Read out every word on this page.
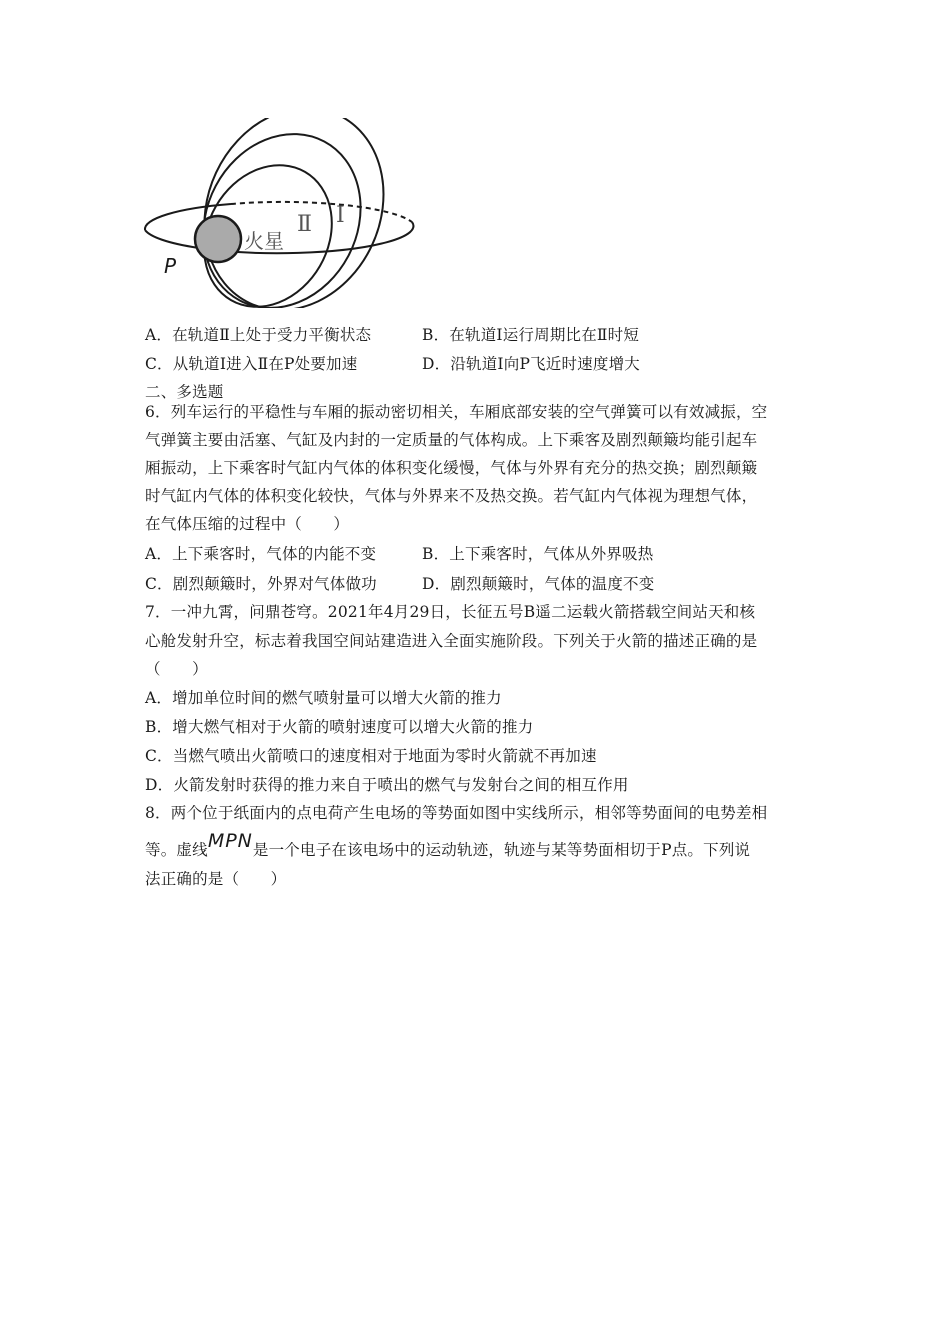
火星
Ⅱ Ⅰ
P
A．在轨道Ⅱ上处于受力平衡状态	B．在轨道Ⅰ运行周期比在Ⅱ时短
C．从轨道Ⅰ进入Ⅱ在P处要加速	D．沿轨道Ⅰ向P飞近时速度增大
二、多选题
6．列车运行的平稳性与车厢的振动密切相关，车厢底部安装的空气弹簧可以有效减振，空
气弹簧主要由活塞、气缸及内封的一定质量的气体构成。上下乘客及剧烈颠簸均能引起车
厢振动，上下乘客时气缸内气体的体积变化缓慢，气体与外界有充分的热交换；剧烈颠簸
时气缸内气体的体积变化较快，气体与外界来不及热交换。若气缸内气体视为理想气体，
在气体压缩的过程中（　　）
A．上下乘客时，气体的内能不变	B．上下乘客时，气体从外界吸热
C．剧烈颠簸时，外界对气体做功	D．剧烈颠簸时，气体的温度不变
7．一冲九霄，问鼎苍穹。2021年4月29日，长征五号B遥二运载火箭搭载空间站天和核
心舱发射升空，标志着我国空间站建造进入全面实施阶段。下列关于火箭的描述正确的是
（　　）
A．增加单位时间的燃气喷射量可以增大火箭的推力
B．增大燃气相对于火箭的喷射速度可以增大火箭的推力
C．当燃气喷出火箭喷口的速度相对于地面为零时火箭就不再加速
D．火箭发射时获得的推力来自于喷出的燃气与发射台之间的相互作用
8．两个位于纸面内的点电荷产生电场的等势面如图中实线所示，相邻等势面间的电势差相
等。虚线MPN是一个电子在该电场中的运动轨迹，轨迹与某等势面相切于P点。下列说
法正确的是（　　）
